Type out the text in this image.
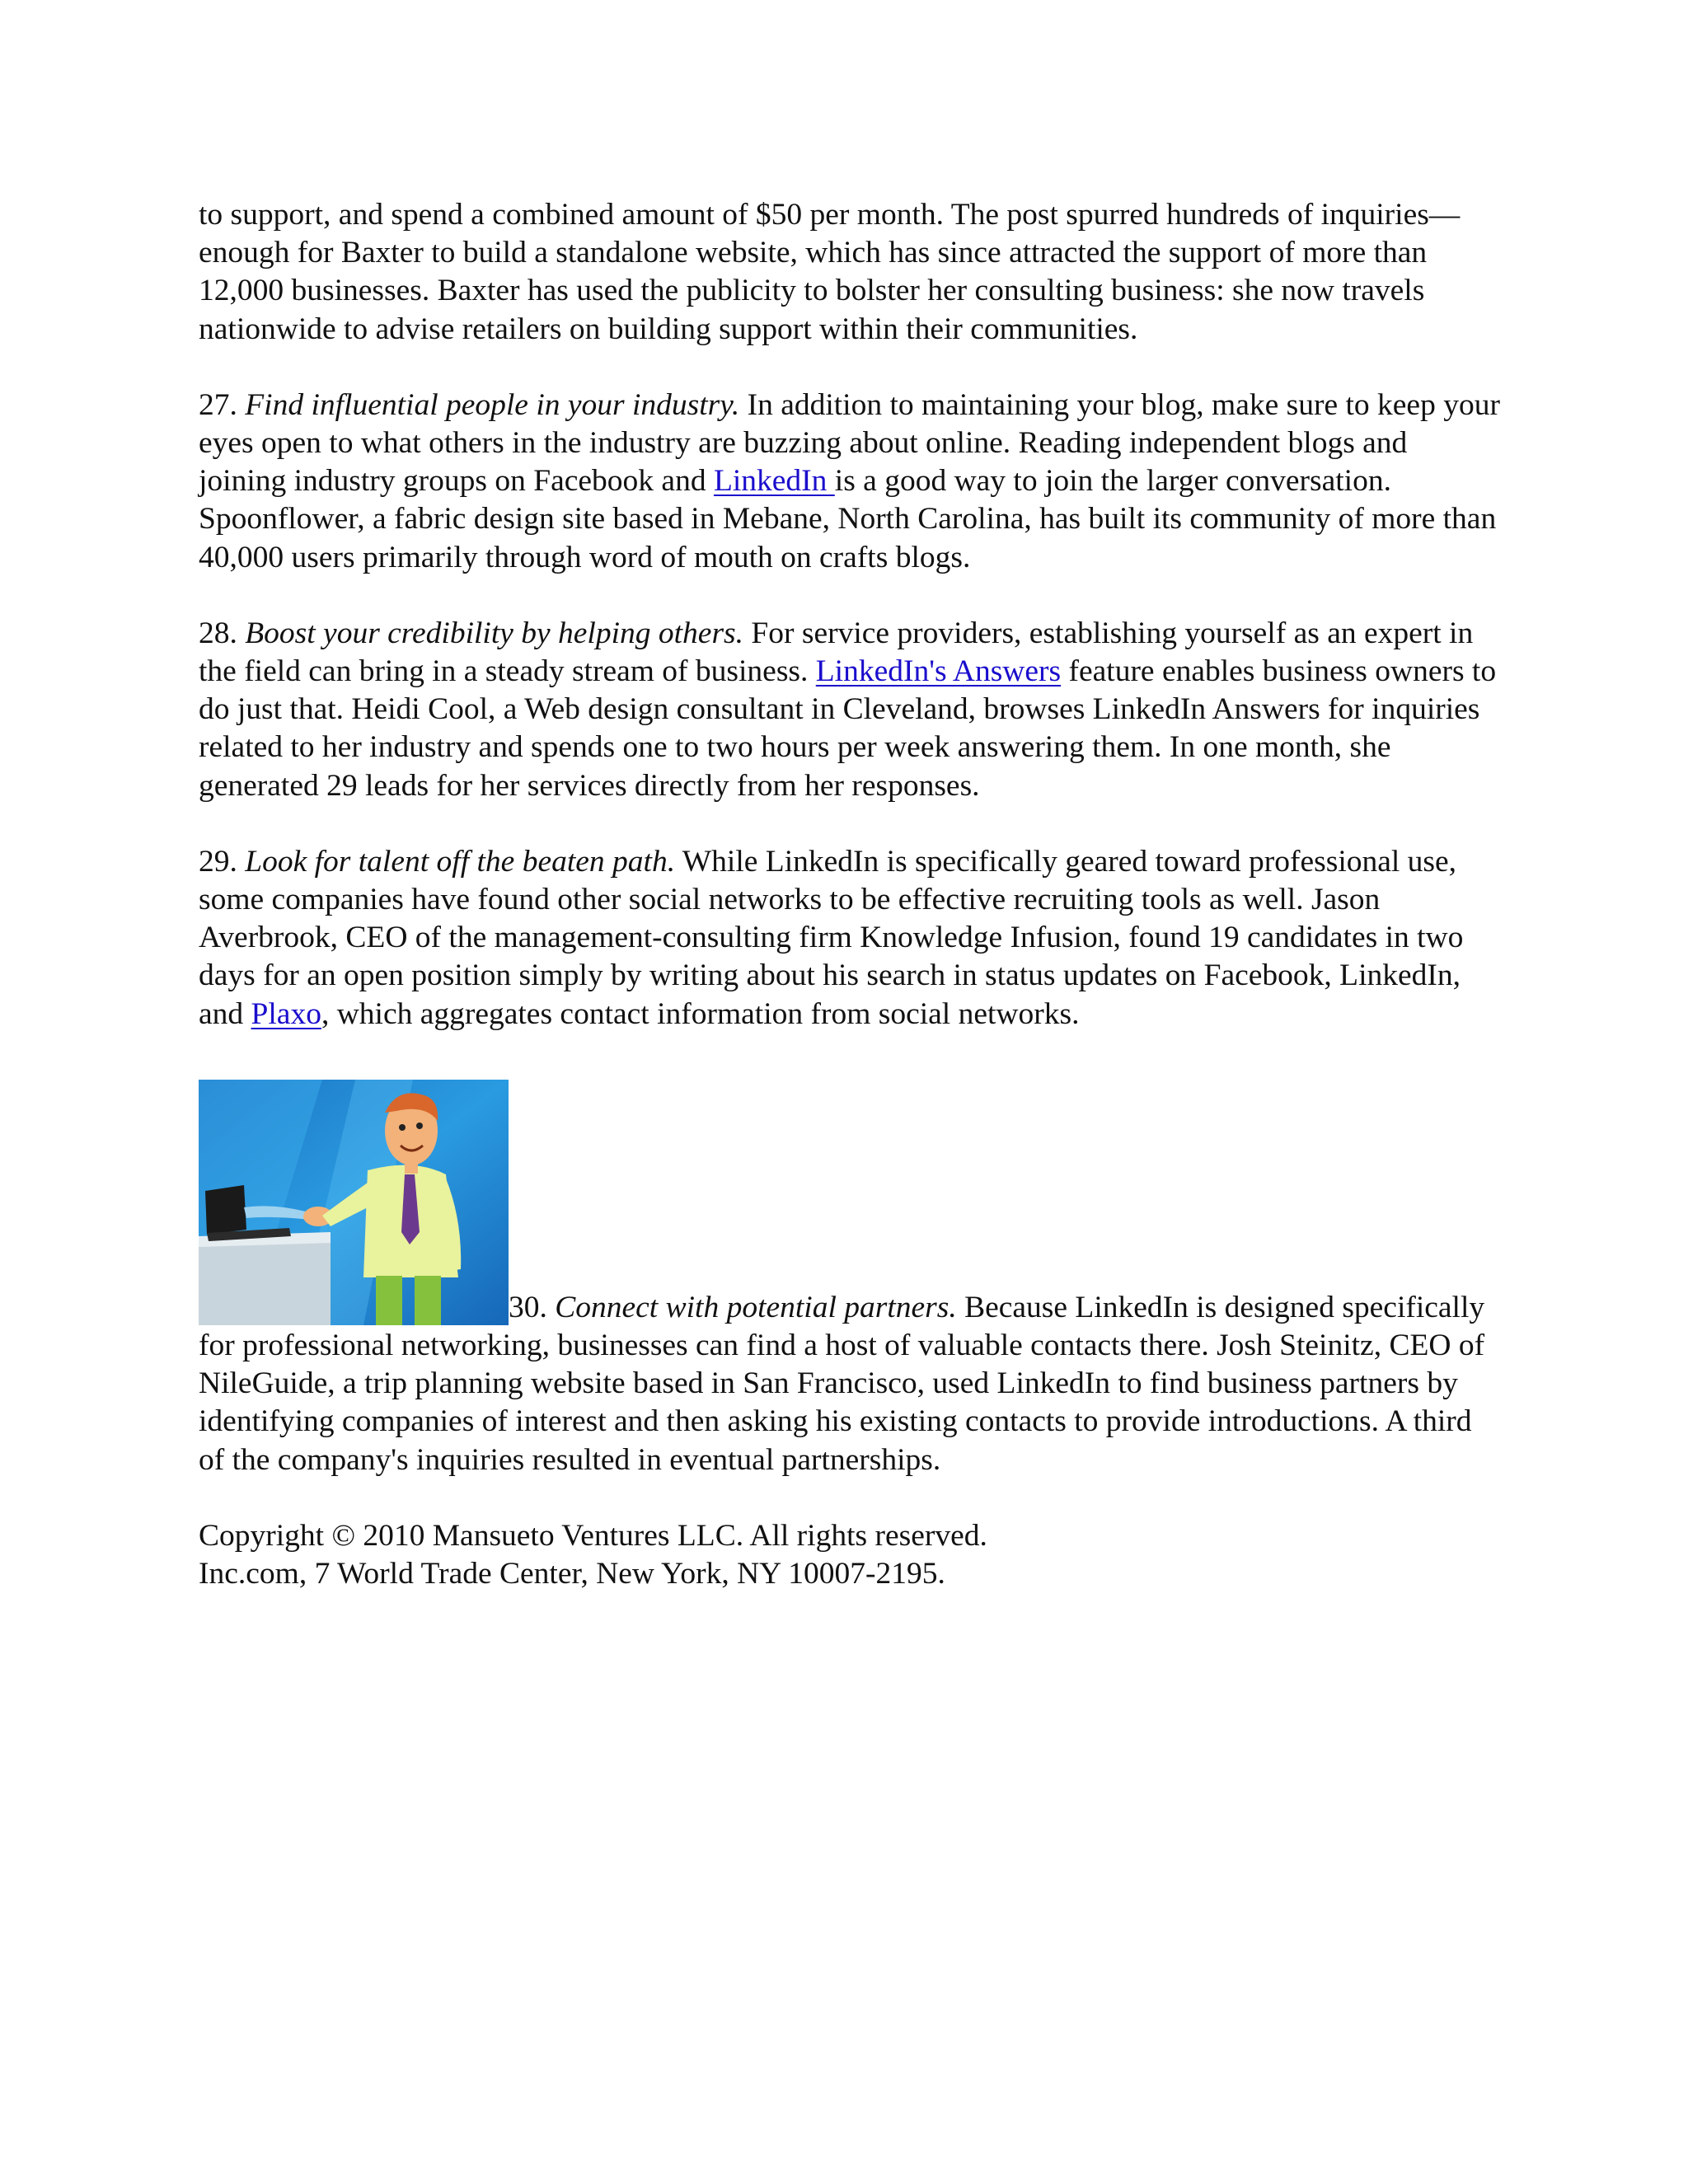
to support, and spend a combined amount of $50 per month. The post spurred hundreds of inquiries—enough for Baxter to build a standalone website, which has since attracted the support of more than 12,000 businesses. Baxter has used the publicity to bolster her consulting business: she now travels nationwide to advise retailers on building support within their communities.

27. Find influential people in your industry. In addition to maintaining your blog, make sure to keep your eyes open to what others in the industry are buzzing about online. Reading independent blogs and joining industry groups on Facebook and LinkedIn is a good way to join the larger conversation. Spoonflower, a fabric design site based in Mebane, North Carolina, has built its community of more than 40,000 users primarily through word of mouth on crafts blogs.

28. Boost your credibility by helping others. For service providers, establishing yourself as an expert in the field can bring in a steady stream of business. LinkedIn's Answers feature enables business owners to do just that. Heidi Cool, a Web design consultant in Cleveland, browses LinkedIn Answers for inquiries related to her industry and spends one to two hours per week answering them. In one month, she generated 29 leads for her services directly from her responses.

29. Look for talent off the beaten path. While LinkedIn is specifically geared toward professional use, some companies have found other social networks to be effective recruiting tools as well. Jason Averbrook, CEO of the management-consulting firm Knowledge Infusion, found 19 candidates in two days for an open position simply by writing about his search in status updates on Facebook, LinkedIn, and Plaxo, which aggregates contact information from social networks.

30. Connect with potential partners. Because LinkedIn is designed specifically for professional networking, businesses can find a host of valuable contacts there. Josh Steinitz, CEO of NileGuide, a trip planning website based in San Francisco, used LinkedIn to find business partners by identifying companies of interest and then asking his existing contacts to provide introductions. A third of the company's inquiries resulted in eventual partnerships.

Copyright © 2010 Mansueto Ventures LLC. All rights reserved.

Inc.com, 7 World Trade Center, New York, NY 10007-2195.
